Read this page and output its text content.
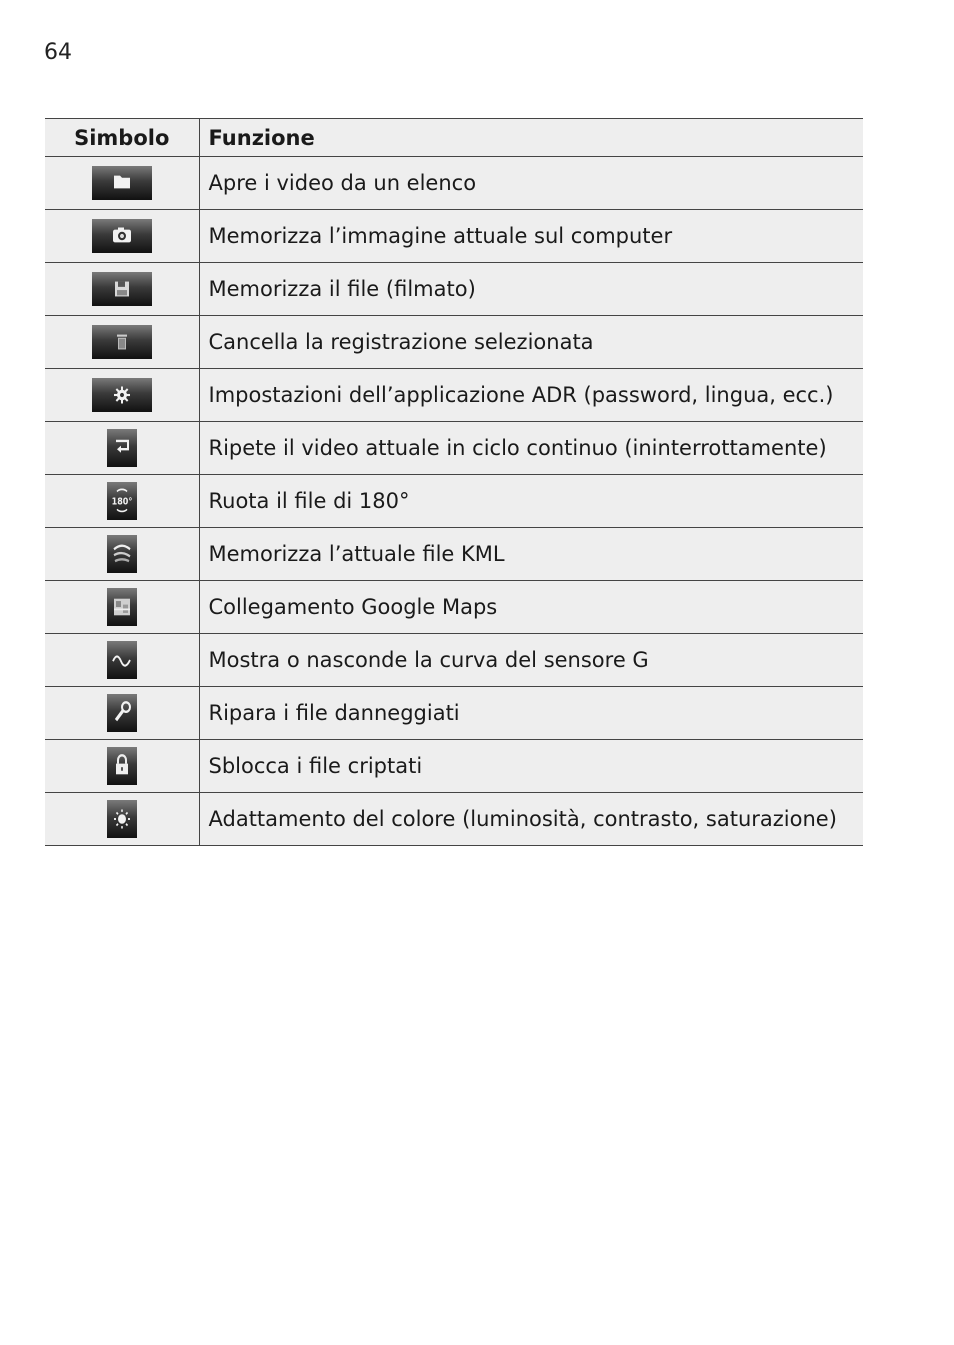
64
Simbolo	Funzione

	Apre i video da un elenco

	Memorizza l’immagine attuale sul computer

	Memorizza il file (filmato)

	Cancella la registrazione selezionata

	Impostazioni dell’applicazione ADR (password, lingua, ecc.)

	Ripete il video attuale in ciclo continuo (ininterrottamente)

180°	Ruota il file di 180°

	Memorizza l’attuale file KML

	Collegamento Google Maps

	Mostra o nasconde la curva del sensore G

	Ripara i file danneggiati

	Sblocca i file criptati

	Adattamento del colore (luminosità, contrasto, saturazione)
